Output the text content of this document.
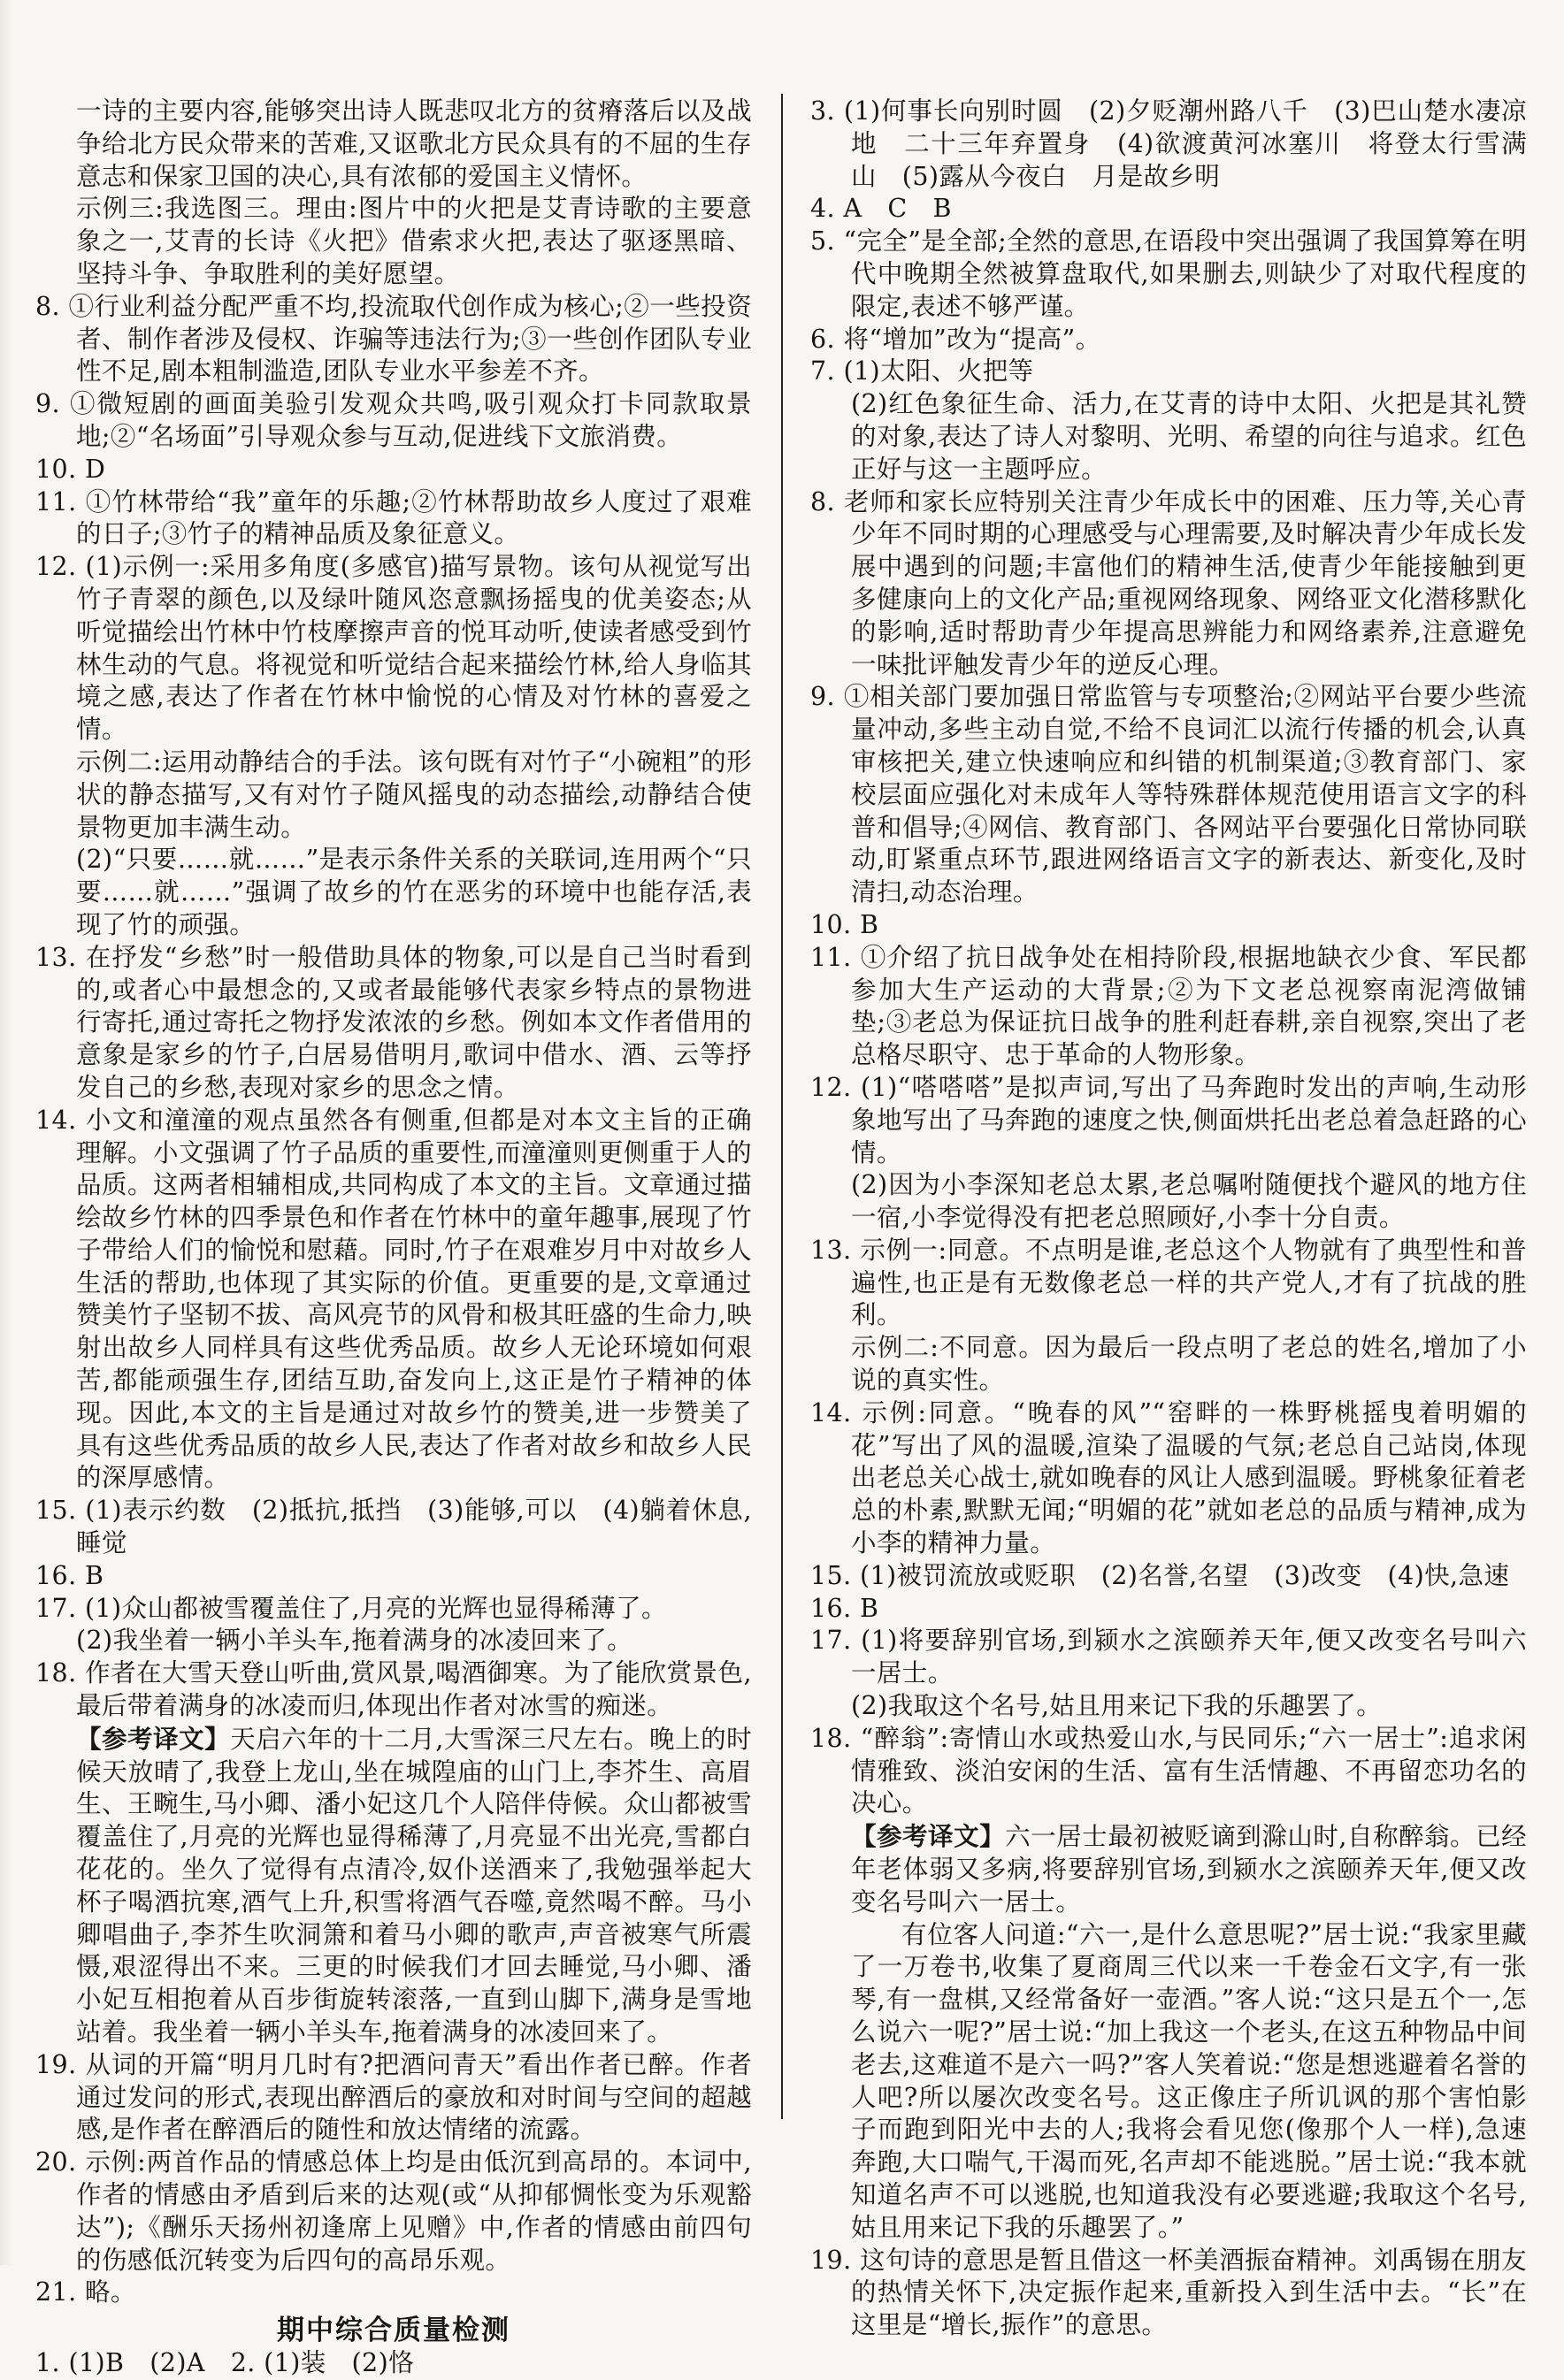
一诗的主要内容,能够突出诗人既悲叹北方的贫瘠落后以及战争给北方民众带来的苦难,又讴歌北方民众具有的不屈的生存意志和保家卫国的决心,具有浓郁的爱国主义情怀。

示例三:我选图三。理由:图片中的火把是艾青诗歌的主要意象之一,艾青的长诗《火把》借索求火把,表达了驱逐黑暗、坚持斗争、争取胜利的美好愿望。

8. ①行业利益分配严重不均,投流取代创作成为核心;②一些投资者、制作者涉及侵权、诈骗等违法行为;③一些创作团队专业性不足,剧本粗制滥造,团队专业水平参差不齐。

9. ①微短剧的画面美验引发观众共鸣,吸引观众打卡同款取景地;②“名场面”引导观众参与互动,促进线下文旅消费。

10. D

11. ①竹林带给“我”童年的乐趣;②竹林帮助故乡人度过了艰难的日子;③竹子的精神品质及象征意义。

12. (1)示例一:采用多角度(多感官)描写景物。该句从视觉写出竹子青翠的颜色,以及绿叶随风恣意飘扬摇曳的优美姿态;从听觉描绘出竹林中竹枝摩擦声音的悦耳动听,使读者感受到竹林生动的气息。将视觉和听觉结合起来描绘竹林,给人身临其境之感,表达了作者在竹林中愉悦的心情及对竹林的喜爱之情。

示例二:运用动静结合的手法。该句既有对竹子“小碗粗”的形状的静态描写,又有对竹子随风摇曳的动态描绘,动静结合使景物更加丰满生动。

(2)“只要……就……”是表示条件关系的关联词,连用两个“只要……就……”强调了故乡的竹在恶劣的环境中也能存活,表现了竹的顽强。

13. 在抒发“乡愁”时一般借助具体的物象,可以是自己当时看到的,或者心中最想念的,又或者最能够代表家乡特点的景物进行寄托,通过寄托之物抒发浓浓的乡愁。例如本文作者借用的意象是家乡的竹子,白居易借明月,歌词中借水、酒、云等抒发自己的乡愁,表现对家乡的思念之情。

14. 小文和潼潼的观点虽然各有侧重,但都是对本文主旨的正确理解。小文强调了竹子品质的重要性,而潼潼则更侧重于人的品质。这两者相辅相成,共同构成了本文的主旨。文章通过描绘故乡竹林的四季景色和作者在竹林中的童年趣事,展现了竹子带给人们的愉悦和慰藉。同时,竹子在艰难岁月中对故乡人生活的帮助,也体现了其实际的价值。更重要的是,文章通过赞美竹子坚韧不拔、高风亮节的风骨和极其旺盛的生命力,映射出故乡人同样具有这些优秀品质。故乡人无论环境如何艰苦,都能顽强生存,团结互助,奋发向上,这正是竹子精神的体现。因此,本文的主旨是通过对故乡竹的赞美,进一步赞美了具有这些优秀品质的故乡人民,表达了作者对故乡和故乡人民的深厚感情。

15. (1)表示约数　(2)抵抗,抵挡　(3)能够,可以　(4)躺着休息,睡觉

16. B

17. (1)众山都被雪覆盖住了,月亮的光辉也显得稀薄了。

(2)我坐着一辆小羊头车,拖着满身的冰凌回来了。

18. 作者在大雪天登山听曲,赏风景,喝酒御寒。为了能欣赏景色,最后带着满身的冰凌而归,体现出作者对冰雪的痴迷。

【参考译文】天启六年的十二月,大雪深三尺左右。晚上的时候天放晴了,我登上龙山,坐在城隍庙的山门上,李芥生、高眉生、王畹生,马小卿、潘小妃这几个人陪伴侍候。众山都被雪覆盖住了,月亮的光辉也显得稀薄了,月亮显不出光亮,雪都白花花的。坐久了觉得有点清冷,奴仆送酒来了,我勉强举起大杯子喝酒抗寒,酒气上升,积雪将酒气吞噬,竟然喝不醉。马小卿唱曲子,李芥生吹洞箫和着马小卿的歌声,声音被寒气所震慑,艰涩得出不来。三更的时候我们才回去睡觉,马小卿、潘小妃互相抱着从百步街旋转滚落,一直到山脚下,满身是雪地站着。我坐着一辆小羊头车,拖着满身的冰凌回来了。

19. 从词的开篇“明月几时有?把酒问青天”看出作者已醉。作者通过发问的形式,表现出醉酒后的豪放和对时间与空间的超越感,是作者在醉酒后的随性和放达情绪的流露。

20. 示例:两首作品的情感总体上均是由低沉到高昂的。本词中,作者的情感由矛盾到后来的达观(或“从抑郁惆怅变为乐观豁达”);《酬乐天扬州初逢席上见赠》中,作者的情感由前四句的伤感低沉转变为后四句的高昂乐观。

21. 略。

期中综合质量检测

1. (1)B　(2)A　2. (1)装　(2)恪

3. (1)何事长向别时圆　(2)夕贬潮州路八千　(3)巴山楚水凄凉地　二十三年弃置身　(4)欲渡黄河冰塞川　将登太行雪满山　(5)露从今夜白　月是故乡明

4. A　C　B

5. “完全”是全部;全然的意思,在语段中突出强调了我国算筹在明代中晚期全然被算盘取代,如果删去,则缺少了对取代程度的限定,表述不够严谨。

6. 将“增加”改为“提高”。

7. (1)太阳、火把等

(2)红色象征生命、活力,在艾青的诗中太阳、火把是其礼赞的对象,表达了诗人对黎明、光明、希望的向往与追求。红色正好与这一主题呼应。

8. 老师和家长应特别关注青少年成长中的困难、压力等,关心青少年不同时期的心理感受与心理需要,及时解决青少年成长发展中遇到的问题;丰富他们的精神生活,使青少年能接触到更多健康向上的文化产品;重视网络现象、网络亚文化潜移默化的影响,适时帮助青少年提高思辨能力和网络素养,注意避免一味批评触发青少年的逆反心理。

9. ①相关部门要加强日常监管与专项整治;②网站平台要少些流量冲动,多些主动自觉,不给不良词汇以流行传播的机会,认真审核把关,建立快速响应和纠错的机制渠道;③教育部门、家校层面应强化对未成年人等特殊群体规范使用语言文字的科普和倡导;④网信、教育部门、各网站平台要强化日常协同联动,盯紧重点环节,跟进网络语言文字的新表达、新变化,及时清扫,动态治理。

10. B

11. ①介绍了抗日战争处在相持阶段,根据地缺衣少食、军民都参加大生产运动的大背景;②为下文老总视察南泥湾做铺垫;③老总为保证抗日战争的胜利赶春耕,亲自视察,突出了老总格尽职守、忠于革命的人物形象。

12. (1)“嗒嗒嗒”是拟声词,写出了马奔跑时发出的声响,生动形象地写出了马奔跑的速度之快,侧面烘托出老总着急赶路的心情。

(2)因为小李深知老总太累,老总嘱咐随便找个避风的地方住一宿,小李觉得没有把老总照顾好,小李十分自责。

13. 示例一:同意。不点明是谁,老总这个人物就有了典型性和普遍性,也正是有无数像老总一样的共产党人,才有了抗战的胜利。

示例二:不同意。因为最后一段点明了老总的姓名,增加了小说的真实性。

14. 示例:同意。“晚春的风”“窑畔的一株野桃摇曳着明媚的花”写出了风的温暖,渲染了温暖的气氛;老总自己站岗,体现出老总关心战士,就如晚春的风让人感到温暖。野桃象征着老总的朴素,默默无闻;“明媚的花”就如老总的品质与精神,成为小李的精神力量。

15. (1)被罚流放或贬职　(2)名誉,名望　(3)改变　(4)快,急速

16. B

17. (1)将要辞别官场,到颍水之滨颐养天年,便又改变名号叫六一居士。

(2)我取这个名号,姑且用来记下我的乐趣罢了。

18. “醉翁”:寄情山水或热爱山水,与民同乐;“六一居士”:追求闲情雅致、淡泊安闲的生活、富有生活情趣、不再留恋功名的决心。

【参考译文】六一居士最初被贬谪到滁山时,自称醉翁。已经年老体弱又多病,将要辞别官场,到颍水之滨颐养天年,便又改变名号叫六一居士。

有位客人问道:“六一,是什么意思呢?”居士说:“我家里藏了一万卷书,收集了夏商周三代以来一千卷金石文字,有一张琴,有一盘棋,又经常备好一壶酒。”客人说:“这只是五个一,怎么说六一呢?”居士说:“加上我这一个老头,在这五种物品中间老去,这难道不是六一吗?”客人笑着说:“您是想逃避着名誉的人吧?所以屡次改变名号。这正像庄子所讥讽的那个害怕影子而跑到阳光中去的人;我将会看见您(像那个人一样),急速奔跑,大口喘气,干渴而死,名声却不能逃脱。”居士说:“我本就知道名声不可以逃脱,也知道我没有必要逃避;我取这个名号,姑且用来记下我的乐趣罢了。”

19. 这句诗的意思是暂且借这一杯美酒振奋精神。刘禹锡在朋友的热情关怀下,决定振作起来,重新投入到生活中去。“长”在这里是“增长,振作”的意思。
